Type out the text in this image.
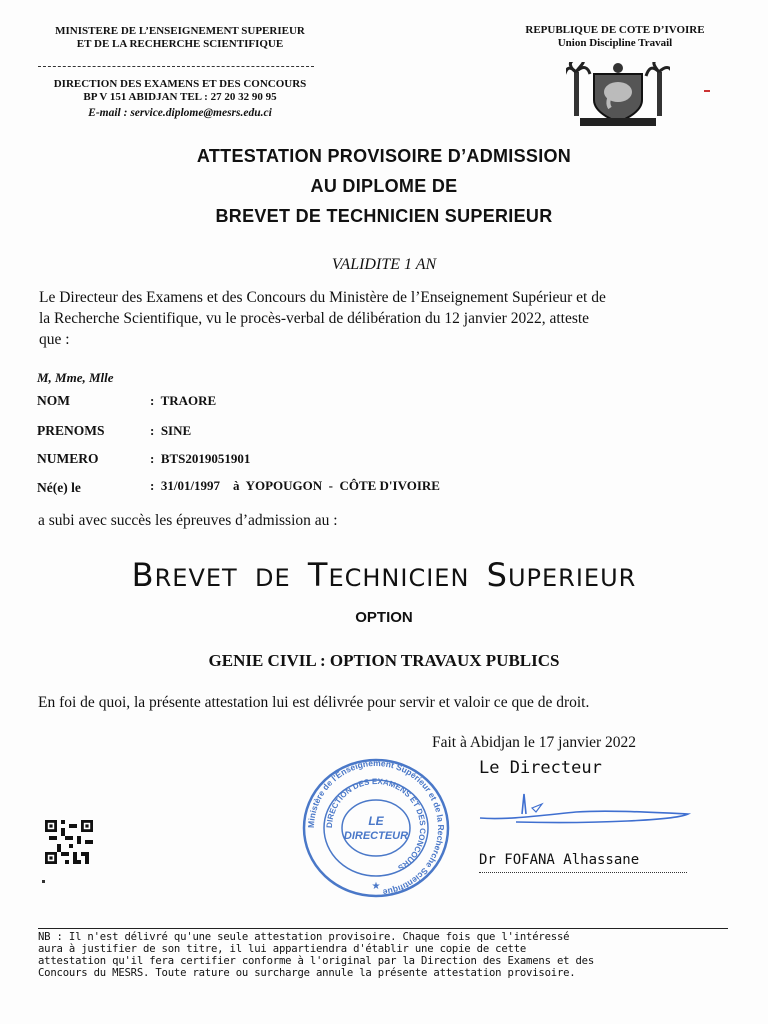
MINISTERE DE L’ENSEIGNEMENT SUPERIEUR
ET DE LA RECHERCHE SCIENTIFIQUE
DIRECTION DES EXAMENS ET DES CONCOURS
BP V 151 ABIDJAN TEL : 27 20 32 90 95
E-mail : service.diplome@mesrs.edu.ci
REPUBLIQUE DE COTE D’IVOIRE
Union Discipline Travail
ATTESTATION PROVISOIRE D’ADMISSION
AU DIPLOME DE
BREVET DE TECHNICIEN SUPERIEUR
VALIDITE 1 AN
Le Directeur des Examens et des Concours du Ministère de l’Enseignement Supérieur et de
la Recherche Scientifique, vu le procès-verbal de délibération du 12 janvier 2022, atteste
que :
M, Mme, Mlle
NOM	:  TRAORE
PRENOMS	:  SINE
NUMERO	:  BTS2019051901
Né(e) le	:  31/01/1997    à  YOPOUGON  -  CÔTE D'IVOIRE
a subi avec succès les épreuves d’admission au :
BREVET DE TECHNICIEN SUPERIEUR
OPTION
GENIE CIVIL : OPTION TRAVAUX PUBLICS
En foi de quoi, la présente attestation lui est délivrée pour servir et valoir ce que de droit.
Fait à Abidjan le 17 janvier 2022
Le Directeur
Dr FOFANA Alhassane
Ministère de l'Enseignement Supérieur et de la Recherche Scientifique
DIRECTION DES EXAMENS ET DES CONCOURS
LE
DIRECTEUR
★
NB : Il n'est délivré qu'une seule attestation provisoire. Chaque fois que l'intéressé
aura à justifier de son titre, il lui appartiendra d'établir une copie de cette
attestation qu'il fera certifier conforme à l'original par la Direction des Examens et des
Concours du MESRS. Toute rature ou surcharge annule la présente attestation provisoire.
